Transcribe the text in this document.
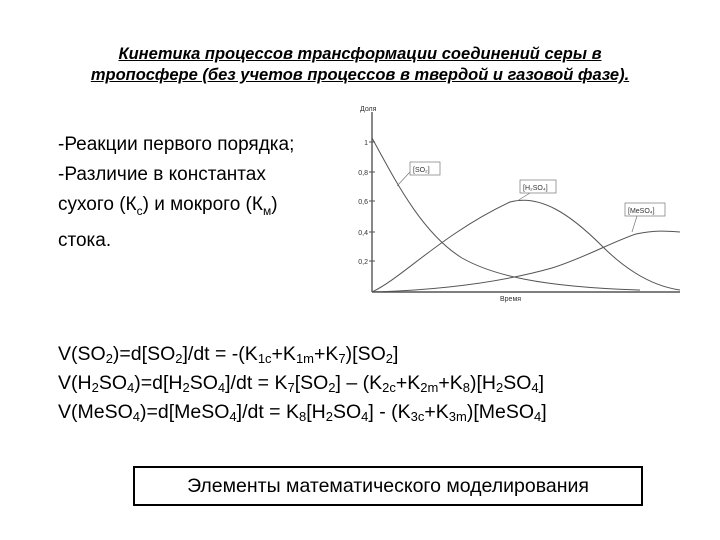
Кинетика процессов трансформации соединений серы в
тропосфере (без учетов процессов в твердой и газовой фазе).
-Реакции первого порядка;
-Различие в константах
сухого $(К_с)$ и мокрого $(К_м)$
стока.
Доля
Время
1
0,8
0,6
0,4
0,2
[SO₂]
[H₂SO₄]
[MeSO₄]
$V(SO_2)=d[SO_2]/dt = -(K_{1c}+K_{1m}+K_7)[SO_2]$
$V(H_2SO_4)=d[H_2SO_4]/dt = K_7[SO_2] - (K_{2c}+K_{2m}+K_8)[H_2SO_4]$
V(MeSO$_4$)=d[MeSO$_4$]/dt = $K_8[H_2SO_4]$ - $(K_{3c}+K_{3m})[MeSO_4]$
Элементы математического моделирования
